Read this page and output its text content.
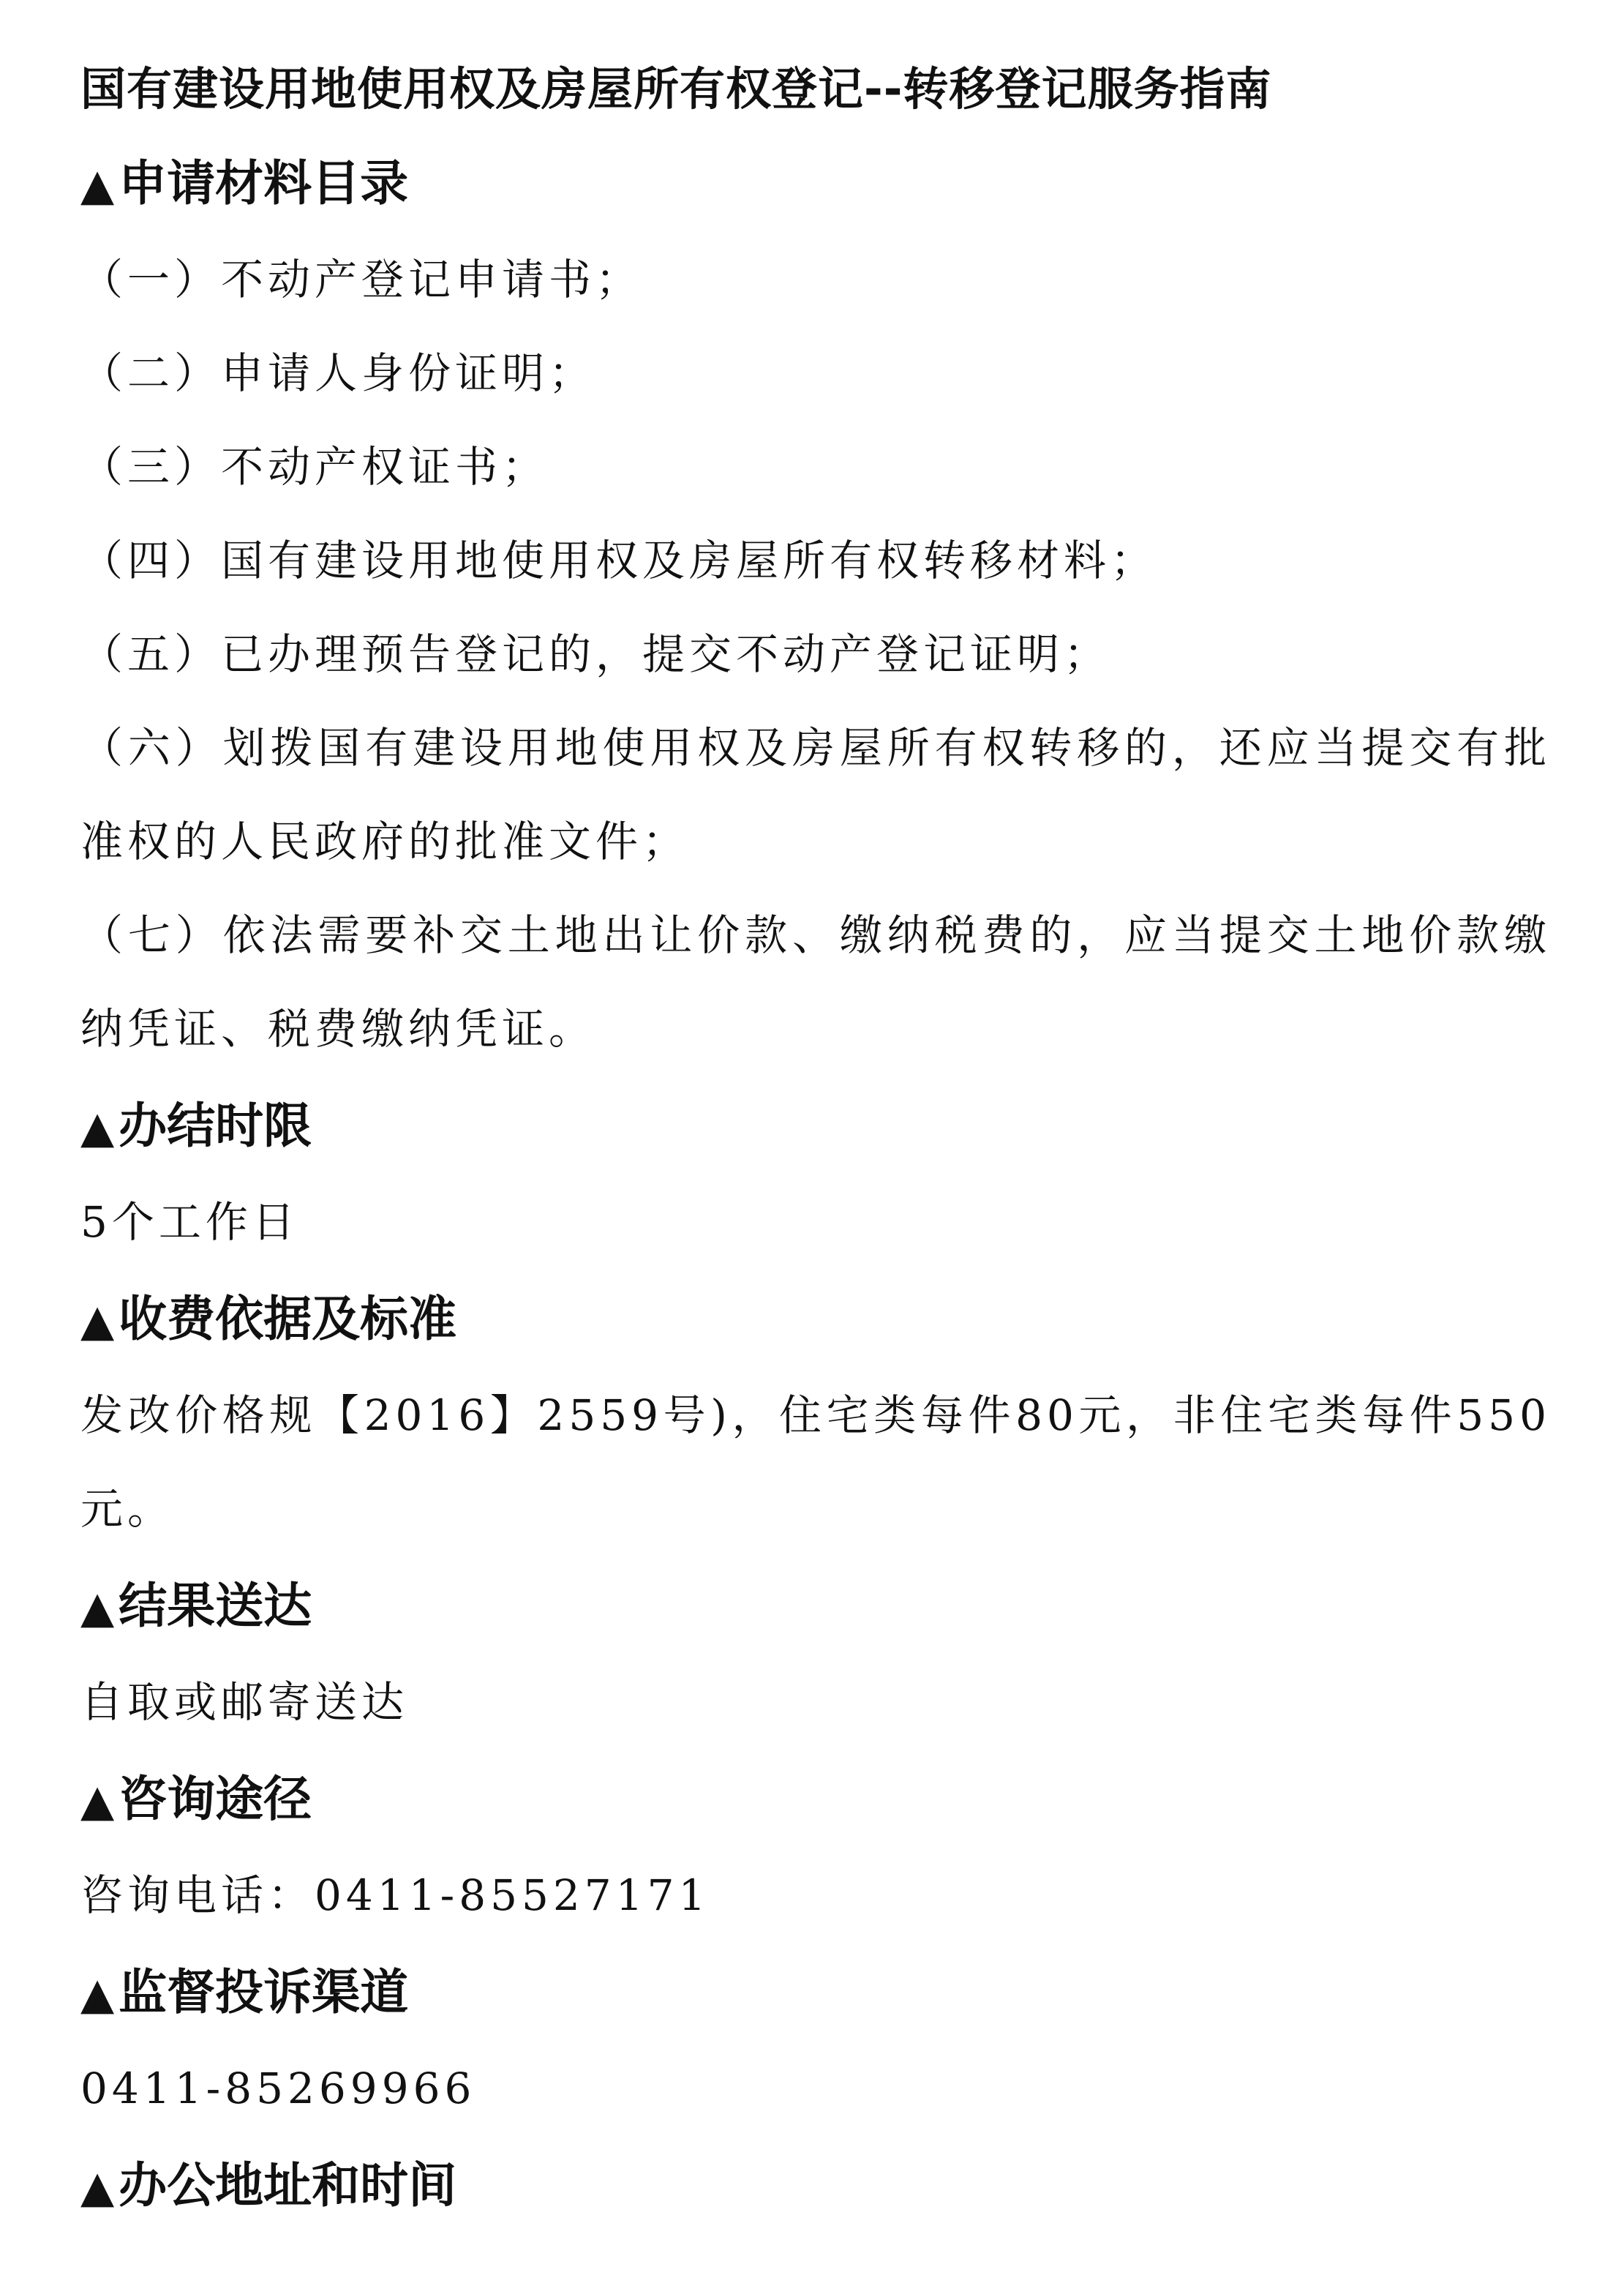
国有建设用地使用权及房屋所有权登记--转移登记服务指南
▲申请材料目录
（一）不动产登记申请书；
（二）申请人身份证明；
（三）不动产权证书；
（四）国有建设用地使用权及房屋所有权转移材料；
（五）已办理预告登记的，提交不动产登记证明；
（六）划拨国有建设用地使用权及房屋所有权转移的，还应当提交有批准权的人民政府的批准文件；
（七）依法需要补交土地出让价款、缴纳税费的，应当提交土地价款缴纳凭证、税费缴纳凭证。
▲办结时限

5个工作日

▲收费依据及标准

发改价格规【2016】2559号)，住宅类每件80元，非住宅类每件550元。

▲结果送达

自取或邮寄送达

▲咨询途径

咨询电话：0411-85527171

▲监督投诉渠道

0411-85269966

▲办公地址和时间
